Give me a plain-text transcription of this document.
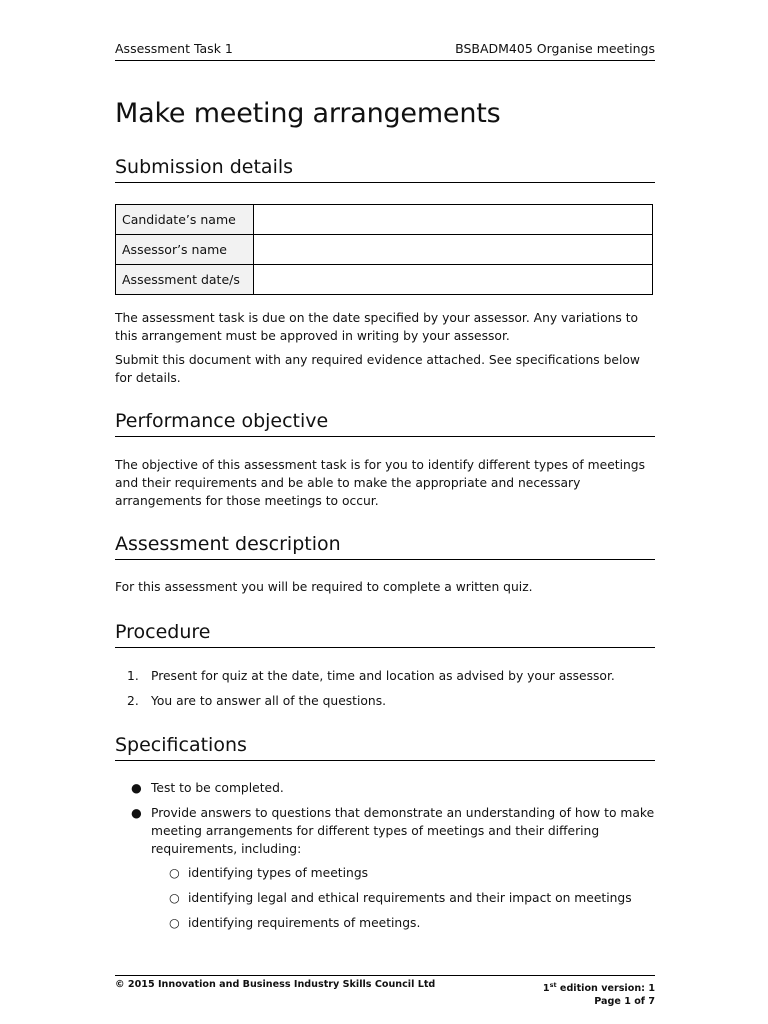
Assessment Task 1	BSBADM405 Organise meetings
Make meeting arrangements
Submission details
Candidate’s name	
Assessor’s name	
Assessment date/s	

The assessment task is due on the date specified by your assessor. Any variations to this arrangement must be approved in writing by your assessor.

Submit this document with any required evidence attached. See specifications below for details.

Performance objective

The objective of this assessment task is for you to identify different types of meetings and their requirements and be able to make the appropriate and necessary arrangements for those meetings to occur.

Assessment description

For this assessment you will be required to complete a written quiz.

Procedure
1. Present for quiz at the date, time and location as advised by your assessor.
2. You are to answer all of the questions.
Specifications
● Test to be completed.
● Provide answers to questions that demonstrate an understanding of how to make meeting arrangements for different types of meetings and their differing requirements, including:
○ identifying types of meetings
○ identifying legal and ethical requirements and their impact on meetings
○ identifying requirements of meetings.
© 2015 Innovation and Business Industry Skills Council Ltd	1st edition version: 1
Page 1 of 7
